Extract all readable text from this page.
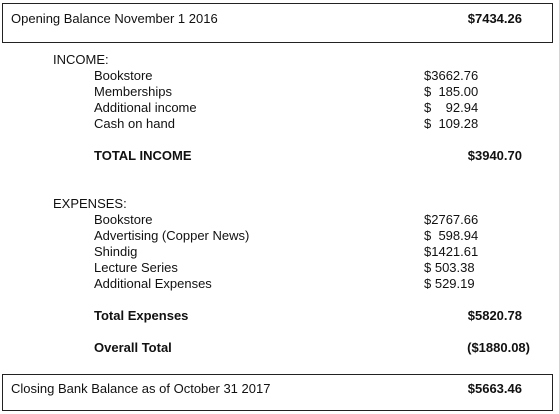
Opening Balance November 1 2016	$7434.26
INCOME:
Bookstore	$3662.76
Memberships	$  185.00
Additional income	$    92.94
Cash on hand	$  109.28
TOTAL INCOME	$3940.70
EXPENSES:
Bookstore	$2767.66
Advertising (Copper News)	$  598.94
Shindig	$1421.61
Lecture Series	$ 503.38
Additional Expenses	$ 529.19
Total Expenses	$5820.78
Overall Total	($1880.08)
Closing Bank Balance as of October 31 2017	$5663.46
